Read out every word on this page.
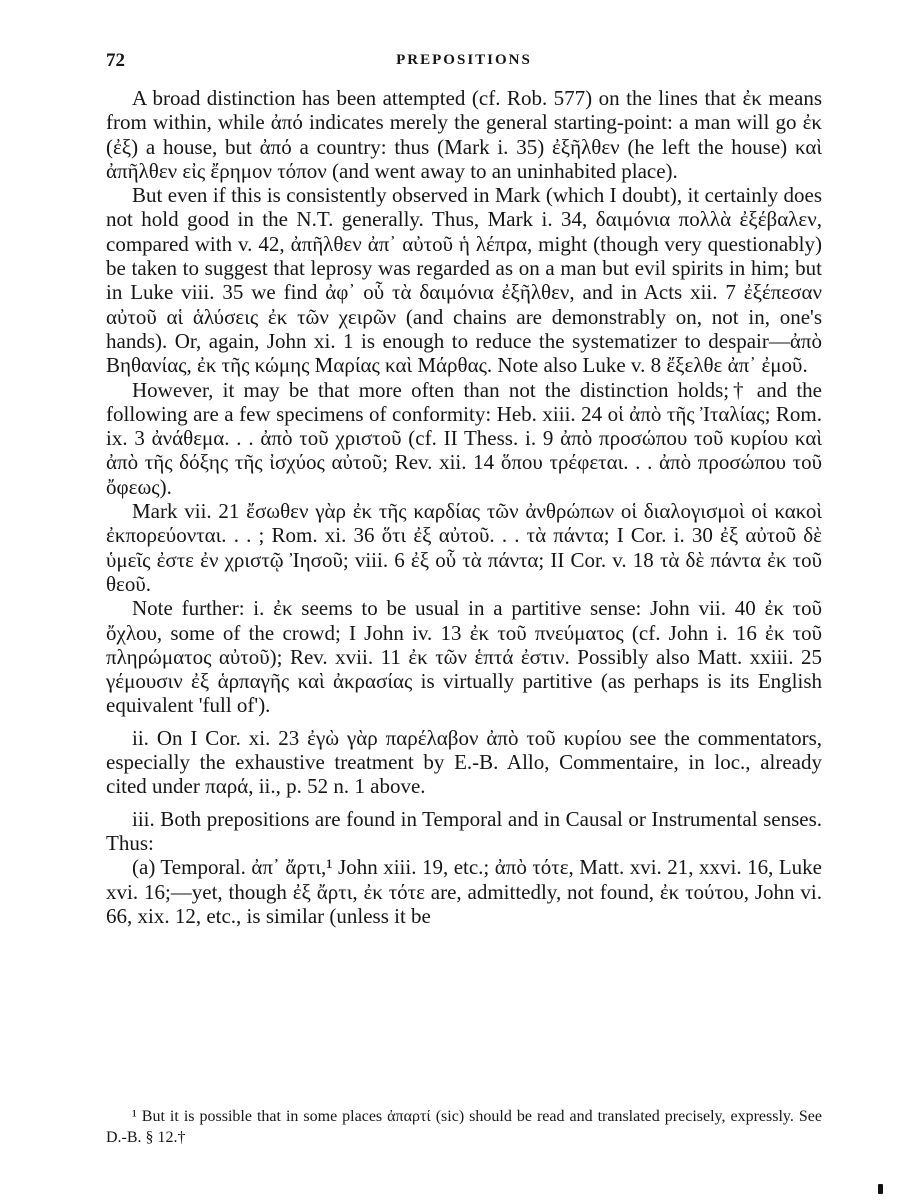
72	PREPOSITIONS

A broad distinction has been attempted (cf. Rob. 577) on the lines that ἐκ means from within, while ἀπό indicates merely the general starting-point: a man will go ἐκ (ἐξ) a house, but ἀπό a country: thus (Mark i. 35) ἐξῆλθεν (he left the house) καὶ ἀπῆλθεν εἰς ἔρημον τόπον (and went away to an uninhabited place).

But even if this is consistently observed in Mark (which I doubt), it certainly does not hold good in the N.T. generally. Thus, Mark i. 34, δαιμόνια πολλὰ ἐξέβαλεν, compared with v. 42, ἀπῆλθεν ἀπ᾽ αὐτοῦ ἡ λέπρα, might (though very questionably) be taken to suggest that leprosy was regarded as on a man but evil spirits in him; but in Luke viii. 35 we find ἀφ᾽ οὗ τὰ δαιμόνια ἐξῆλθεν, and in Acts xii. 7 ἐξέπεσαν αὐτοῦ αἱ ἁλύσεις ἐκ τῶν χειρῶν (and chains are demonstrably on, not in, one's hands). Or, again, John xi. 1 is enough to reduce the systematizer to despair—ἀπὸ Βηθανίας, ἐκ τῆς κώμης Μαρίας καὶ Μάρθας. Note also Luke v. 8 ἔξελθε ἀπ᾽ ἐμοῦ.

However, it may be that more often than not the distinction holds;† and the following are a few specimens of conformity: Heb. xiii. 24 οἱ ἀπὸ τῆς Ἰταλίας; Rom. ix. 3 ἀνάθεμα. . . ἀπὸ τοῦ χριστοῦ (cf. II Thess. i. 9 ἀπὸ προσώπου τοῦ κυρίου καὶ ἀπὸ τῆς δόξης τῆς ἰσχύος αὐτοῦ; Rev. xii. 14 ὅπου τρέφεται. . . ἀπὸ προσώπου τοῦ ὄφεως).

Mark vii. 21 ἔσωθεν γὰρ ἐκ τῆς καρδίας τῶν ἀνθρώπων οἱ διαλογισμοὶ οἱ κακοὶ ἐκπορεύονται. . . ; Rom. xi. 36 ὅτι ἐξ αὐτοῦ. . . τὰ πάντα; I Cor. i. 30 ἐξ αὐτοῦ δὲ ὑμεῖς ἐστε ἐν χριστῷ Ἰησοῦ; viii. 6 ἐξ οὗ τὰ πάντα; II Cor. v. 18 τὰ δὲ πάντα ἐκ τοῦ θεοῦ.

Note further: i. ἐκ seems to be usual in a partitive sense: John vii. 40 ἐκ τοῦ ὄχλου, some of the crowd; I John iv. 13 ἐκ τοῦ πνεύματος (cf. John i. 16 ἐκ τοῦ πληρώματος αὐτοῦ); Rev. xvii. 11 ἐκ τῶν ἑπτά ἐστιν. Possibly also Matt. xxiii. 25 γέμουσιν ἐξ ἁρπαγῆς καὶ ἀκρασίας is virtually partitive (as perhaps is its English equivalent 'full of').

ii. On I Cor. xi. 23 ἐγὼ γὰρ παρέλαβον ἀπὸ τοῦ κυρίου see the commentators, especially the exhaustive treatment by E.-B. Allo, Commentaire, in loc., already cited under παρά, ii., p. 52 n. 1 above.

iii. Both prepositions are found in Temporal and in Causal or Instrumental senses. Thus:

(a) Temporal. ἀπ᾽ ἄρτι,¹ John xiii. 19, etc.; ἀπὸ τότε, Matt. xvi. 21, xxvi. 16, Luke xvi. 16;—yet, though ἐξ ἄρτι, ἐκ τότε are, admittedly, not found, ἐκ τούτου, John vi. 66, xix. 12, etc., is similar (unless it be

¹ But it is possible that in some places ἀπαρτί (sic) should be read and translated precisely, expressly. See D.-B. § 12.†
